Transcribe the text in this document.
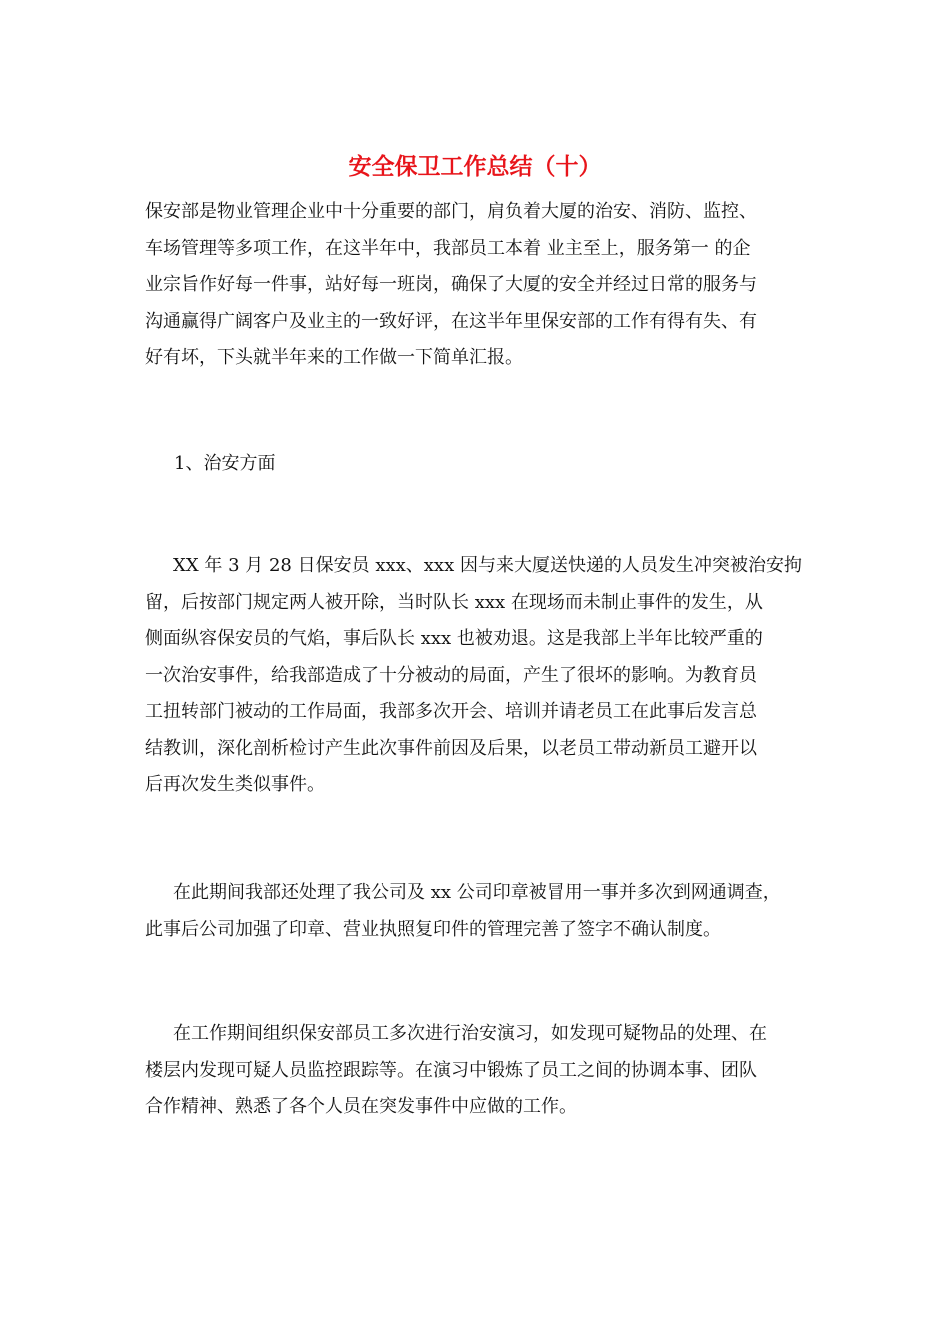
安全保卫工作总结（十）
保安部是物业管理企业中十分重要的部门，肩负着大厦的治安、消防、监控、
车场管理等多项工作，在这半年中，我部员工本着 业主至上，服务第一 的企
业宗旨作好每一件事，站好每一班岗，确保了大厦的安全并经过日常的服务与
沟通赢得广阔客户及业主的一致好评，在这半年里保安部的工作有得有失、有
好有坏，下头就半年来的工作做一下简单汇报。
1、治安方面
XX 年 3 月 28 日保安员 xxx、xxx 因与来大厦送快递的人员发生冲突被治安拘
留，后按部门规定两人被开除，当时队长 xxx 在现场而未制止事件的发生，从
侧面纵容保安员的气焰，事后队长 xxx 也被劝退。这是我部上半年比较严重的
一次治安事件，给我部造成了十分被动的局面，产生了很坏的影响。为教育员
工扭转部门被动的工作局面，我部多次开会、培训并请老员工在此事后发言总
结教训，深化剖析检讨产生此次事件前因及后果，以老员工带动新员工避开以
后再次发生类似事件。
在此期间我部还处理了我公司及 xx 公司印章被冒用一事并多次到网通调查，
此事后公司加强了印章、营业执照复印件的管理完善了签字不确认制度。
在工作期间组织保安部员工多次进行治安演习，如发现可疑物品的处理、在
楼层内发现可疑人员监控跟踪等。在演习中锻炼了员工之间的协调本事、团队
合作精神、熟悉了各个人员在突发事件中应做的工作。
